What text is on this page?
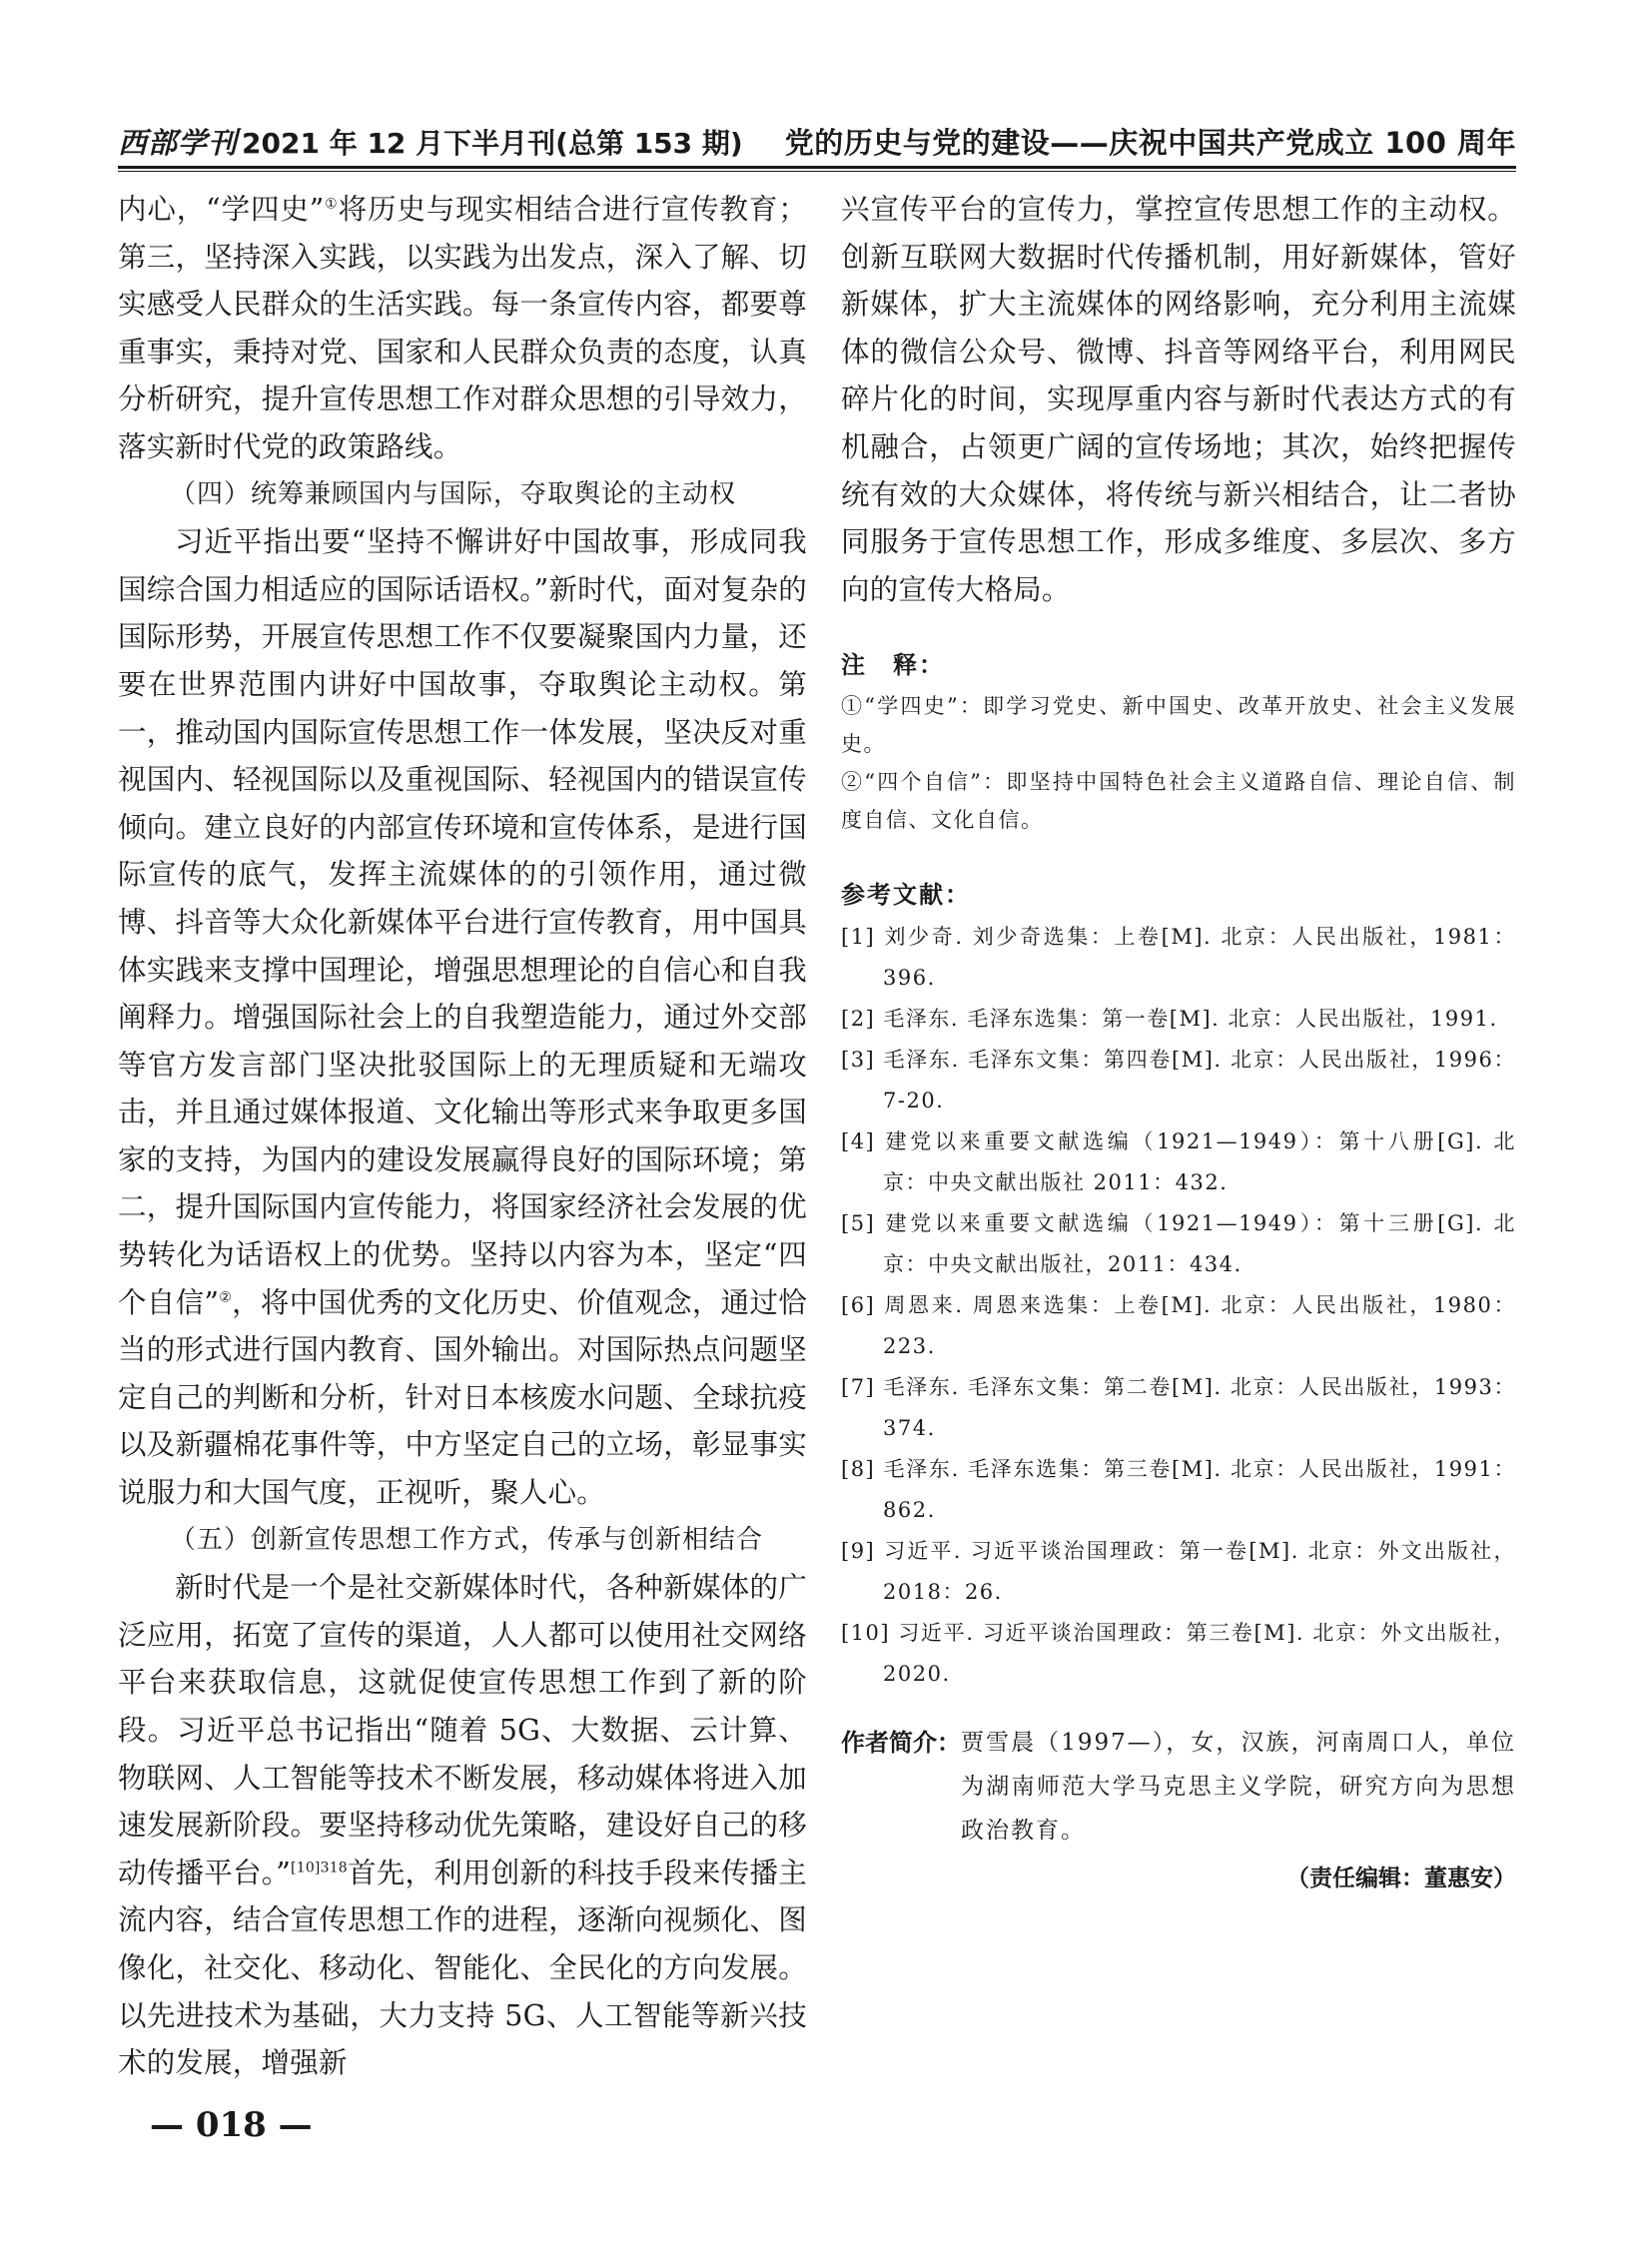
西部学刊 2021 年 12 月下半月刊(总第 153 期) 党的历史与党的建设——庆祝中国共产党成立 100 周年

内心，“学四史”①将历史与现实相结合进行宣传教育；第三，坚持深入实践，以实践为出发点，深入了解、切实感受人民群众的生活实践。每一条宣传内容，都要尊重事实，秉持对党、国家和人民群众负责的态度，认真分析研究，提升宣传思想工作对群众思想的引导效力，落实新时代党的政策路线。

（四）统筹兼顾国内与国际，夺取舆论的主动权

习近平指出要“坚持不懈讲好中国故事，形成同我国综合国力相适应的国际话语权。”新时代，面对复杂的国际形势，开展宣传思想工作不仅要凝聚国内力量，还要在世界范围内讲好中国故事，夺取舆论主动权。第一，推动国内国际宣传思想工作一体发展，坚决反对重视国内、轻视国际以及重视国际、轻视国内的错误宣传倾向。建立良好的内部宣传环境和宣传体系，是进行国际宣传的底气，发挥主流媒体的的引领作用，通过微博、抖音等大众化新媒体平台进行宣传教育，用中国具体实践来支撑中国理论，增强思想理论的自信心和自我阐释力。增强国际社会上的自我塑造能力，通过外交部等官方发言部门坚决批驳国际上的无理质疑和无端攻击，并且通过媒体报道、文化输出等形式来争取更多国家的支持，为国内的建设发展赢得良好的国际环境；第二，提升国际国内宣传能力，将国家经济社会发展的优势转化为话语权上的优势。坚持以内容为本，坚定“四个自信”②，将中国优秀的文化历史、价值观念，通过恰当的形式进行国内教育、国外输出。对国际热点问题坚定自己的判断和分析，针对日本核废水问题、全球抗疫以及新疆棉花事件等，中方坚定自己的立场，彰显事实说服力和大国气度，正视听，聚人心。

（五）创新宣传思想工作方式，传承与创新相结合

新时代是一个是社交新媒体时代，各种新媒体的广泛应用，拓宽了宣传的渠道，人人都可以使用社交网络平台来获取信息，这就促使宣传思想工作到了新的阶段。习近平总书记指出“随着 5G、大数据、云计算、物联网、人工智能等技术不断发展，移动媒体将进入加速发展新阶段。要坚持移动优先策略，建设好自己的移动传播平台。”$^{[10]318}$首先，利用创新的科技手段来传播主流内容，结合宣传思想工作的进程，逐渐向视频化、图像化，社交化、移动化、智能化、全民化的方向发展。以先进技术为基础，大力支持 5G、人工智能等新兴技术的发展，增强新

兴宣传平台的宣传力，掌控宣传思想工作的主动权。创新互联网大数据时代传播机制，用好新媒体，管好新媒体，扩大主流媒体的网络影响，充分利用主流媒体的微信公众号、微博、抖音等网络平台，利用网民碎片化的时间，实现厚重内容与新时代表达方式的有机融合，占领更广阔的宣传场地；其次，始终把握传统有效的大众媒体，将传统与新兴相结合，让二者协同服务于宣传思想工作，形成多维度、多层次、多方向的宣传大格局。

注　释：

①“学四史”：即学习党史、新中国史、改革开放史、社会主义发展史。

②“四个自信”：即坚持中国特色社会主义道路自信、理论自信、制度自信、文化自信。

参考文献：

[1] 刘少奇. 刘少奇选集：上卷[M]. 北京：人民出版社，1981：396.

[2] 毛泽东. 毛泽东选集：第一卷[M]. 北京：人民出版社，1991.

[3] 毛泽东. 毛泽东文集：第四卷[M]. 北京：人民出版社，1996：7-20.

[4] 建党以来重要文献选编（1921—1949）：第十八册[G]. 北京：中央文献出版社 2011：432.

[5] 建党以来重要文献选编（1921—1949）：第十三册[G]. 北京：中央文献出版社，2011：434.

[6] 周恩来. 周恩来选集：上卷[M]. 北京：人民出版社，1980：223.

[7] 毛泽东. 毛泽东文集：第二卷[M]. 北京：人民出版社，1993：374.

[8] 毛泽东. 毛泽东选集：第三卷[M]. 北京：人民出版社，1991：862.

[9] 习近平. 习近平谈治国理政：第一卷[M]. 北京：外文出版社，2018：26.

[10] 习近平. 习近平谈治国理政：第三卷[M]. 北京：外文出版社，2020.

作者简介： 贾雪晨（1997—），女，汉族，河南周口人，单位为湖南师范大学马克思主义学院，研究方向为思想政治教育。
（责任编辑：董惠安）
— 018 —
